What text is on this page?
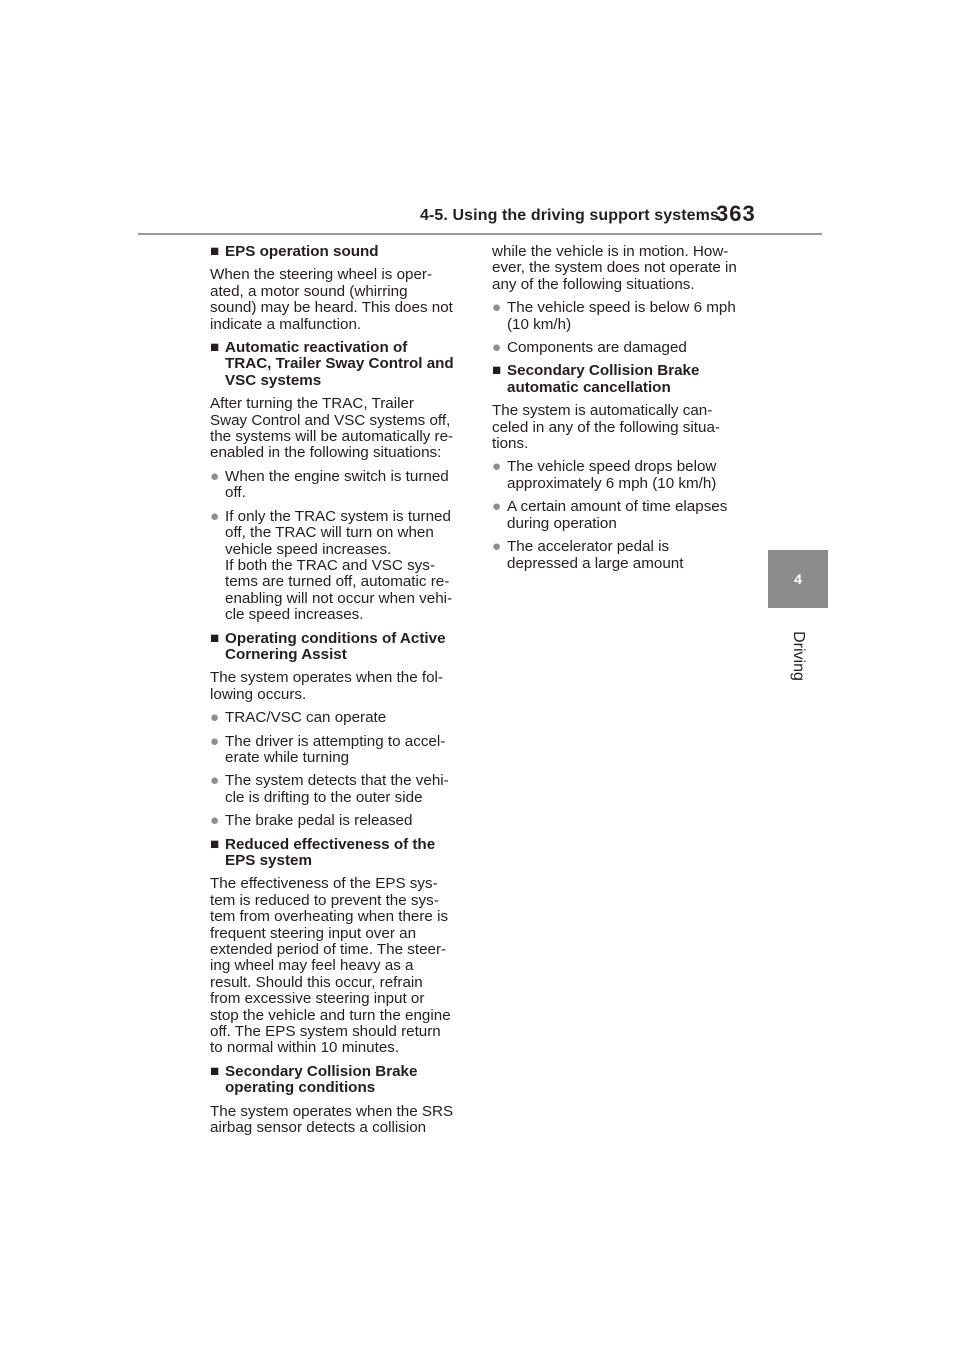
4-5. Using the driving support systems
363
4
Driving
■ EPS operation sound
When the steering wheel is oper-
ated, a motor sound (whirring
sound) may be heard. This does not
indicate a malfunction.
■ Automatic reactivation of
TRAC, Trailer Sway Control and
VSC systems
After turning the TRAC, Trailer
Sway Control and VSC systems off,
the systems will be automatically re-
enabled in the following situations:
● When the engine switch is turned
off.
● If only the TRAC system is turned
off, the TRAC will turn on when
vehicle speed increases.
If both the TRAC and VSC sys-
tems are turned off, automatic re-
enabling will not occur when vehi-
cle speed increases.
■ Operating conditions of Active
Cornering Assist
The system operates when the fol-
lowing occurs.
● TRAC/VSC can operate
● The driver is attempting to accel-
erate while turning
● The system detects that the vehi-
cle is drifting to the outer side
● The brake pedal is released
■ Reduced effectiveness of the
EPS system
The effectiveness of the EPS sys-
tem is reduced to prevent the sys-
tem from overheating when there is
frequent steering input over an
extended period of time. The steer-
ing wheel may feel heavy as a
result. Should this occur, refrain
from excessive steering input or
stop the vehicle and turn the engine
off. The EPS system should return
to normal within 10 minutes.
■ Secondary Collision Brake
operating conditions
The system operates when the SRS
airbag sensor detects a collision
while the vehicle is in motion. How-
ever, the system does not operate in
any of the following situations.
● The vehicle speed is below 6 mph
(10 km/h)
● Components are damaged
■ Secondary Collision Brake
automatic cancellation
The system is automatically can-
celed in any of the following situa-
tions.
● The vehicle speed drops below
approximately 6 mph (10 km/h)
● A certain amount of time elapses
during operation
● The accelerator pedal is
depressed a large amount
